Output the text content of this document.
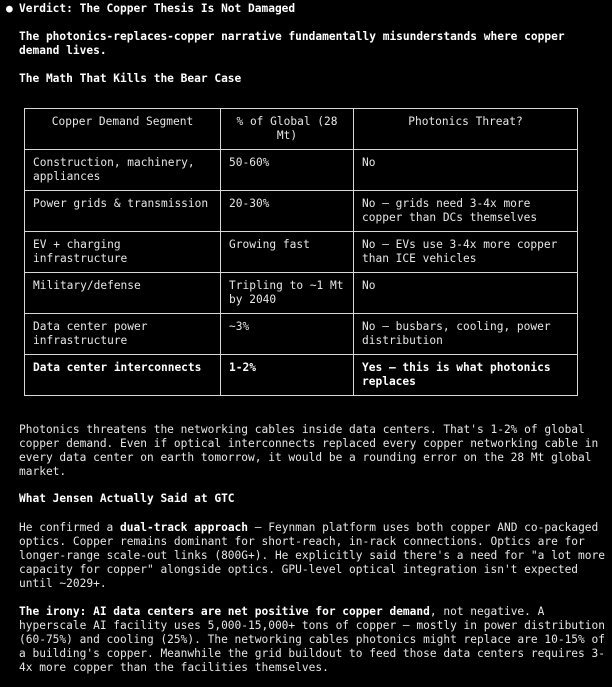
● Verdict: The Copper Thesis Is Not Damaged
The photonics-replaces-copper narrative fundamentally misunderstands where copper demand lives.
The Math That Kills the Bear Case
Copper Demand Segment	% of Global (28 Mt)	Photonics Threat?
Construction, machinery, appliances	50-60%	No
Power grids & transmission	20-30%	No — grids need 3-4x more copper than DCs themselves
EV + charging infrastructure	Growing fast	No — EVs use 3-4x more copper than ICE vehicles
Military/defense	Tripling to ~1 Mt by 2040	No
Data center power infrastructure	~3%	No — busbars, cooling, power distribution
Data center interconnects	1-2%	Yes — this is what photonics replaces
Photonics threatens the networking cables inside data centers. That's 1-2% of global copper demand. Even if optical interconnects replaced every copper networking cable in every data center on earth tomorrow, it would be a rounding error on the 28 Mt global market.
What Jensen Actually Said at GTC
He confirmed a dual-track approach — Feynman platform uses both copper AND co-packaged optics. Copper remains dominant for short-reach, in-rack connections. Optics are for longer-range scale-out links (800G+). He explicitly said there's a need for "a lot more capacity for copper" alongside optics. GPU-level optical integration isn't expected until ~2029+.
The irony: AI data centers are net positive for copper demand, not negative. A hyperscale AI facility uses 5,000-15,000+ tons of copper — mostly in power distribution (60-75%) and cooling (25%). The networking cables photonics might replace are 10-15% of a building's copper. Meanwhile the grid buildout to feed those data centers requires 3-4x more copper than the facilities themselves.
